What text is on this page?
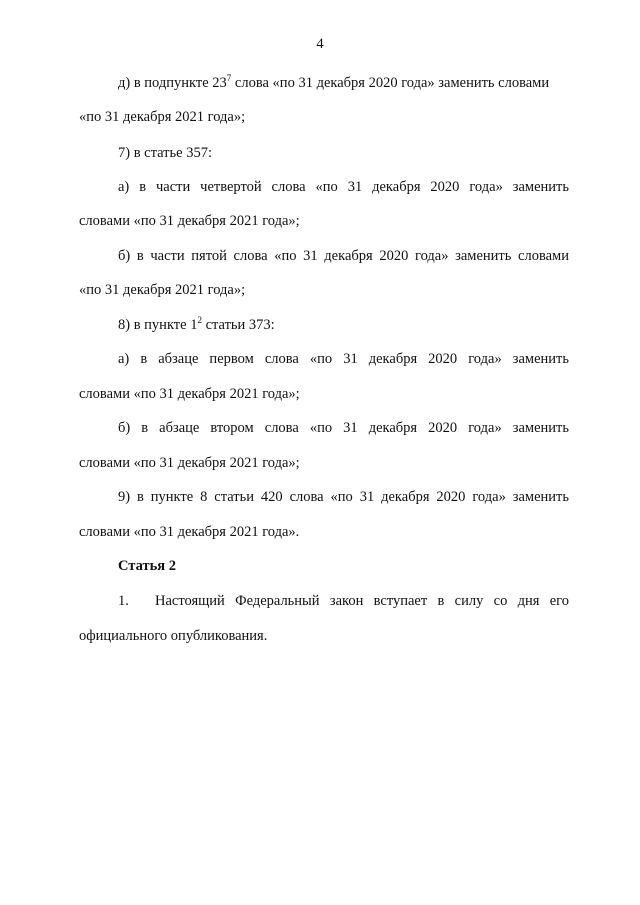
4
д) в подпункте $23^7$ слова «по 31 декабря 2020 года» заменить словами
«по 31 декабря 2021 года»;
7) в статье 357:
а) в части четвертой слова «по 31 декабря 2020 года» заменить
словами «по 31 декабря 2021 года»;
б) в части пятой слова «по 31 декабря 2020 года» заменить словами
«по 31 декабря 2021 года»;
8) в пункте $1^2$ статьи 373:
а) в абзаце первом слова «по 31 декабря 2020 года» заменить
словами «по 31 декабря 2021 года»;
б) в абзаце втором слова «по 31 декабря 2020 года» заменить
словами «по 31 декабря 2021 года»;
9) в пункте 8 статьи 420 слова «по 31 декабря 2020 года» заменить
словами «по 31 декабря 2021 года».
Статья 2
1. Настоящий Федеральный закон вступает в силу со дня его
официального опубликования.
